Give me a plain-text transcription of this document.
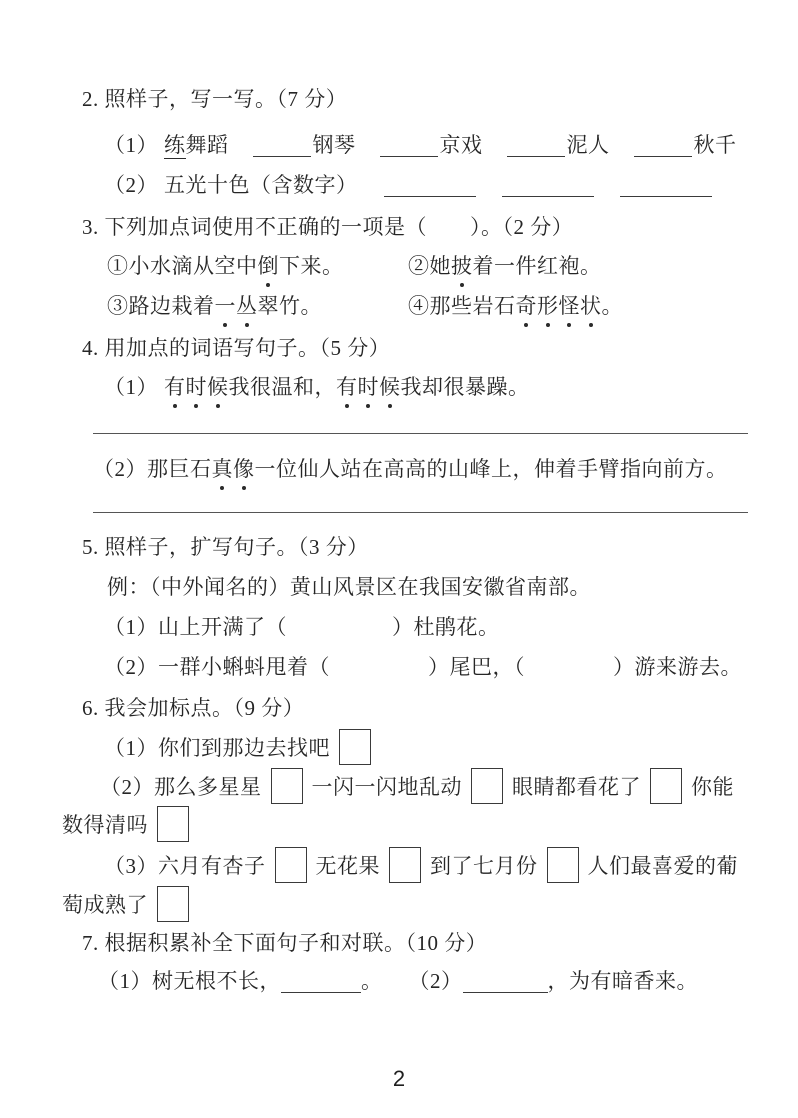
2. 照样子，写一写。（7 分）
（1） 练舞蹈	钢琴	京戏	泥人	秋千
（2） 五光十色（含数字）
3. 下列加点词使用不正确的一项是（　　）。（2 分）
①小水滴从空中倒下来。	②她披着一件红袍。
③路边栽着一丛翠竹。	④那些岩石奇形怪状。
4. 用加点的词语写句子。（5 分）
（1） 有时候我很温和，有时候我却很暴躁。
（2）那巨石真像一位仙人站在高高的山峰上，伸着手臂指向前方。
5. 照样子，扩写句子。（3 分）
例：（中外闻名的）黄山风景区在我国安徽省南部。
（1）山上开满了（	）杜鹃花。
（2）一群小蝌蚪甩着（	）尾巴，（	）游来游去。
6. 我会加标点。（9 分）
（1）你们到那边去找吧
（2）那么多星星 一闪一闪地乱动 眼睛都看花了 你能
数得清吗
（3）六月有杏子 无花果 到了七月份 人们最喜爱的葡
萄成熟了
7. 根据积累补全下面句子和对联。（10 分）
（1）树无根不长，	。 （2）	，为有暗香来。
2
